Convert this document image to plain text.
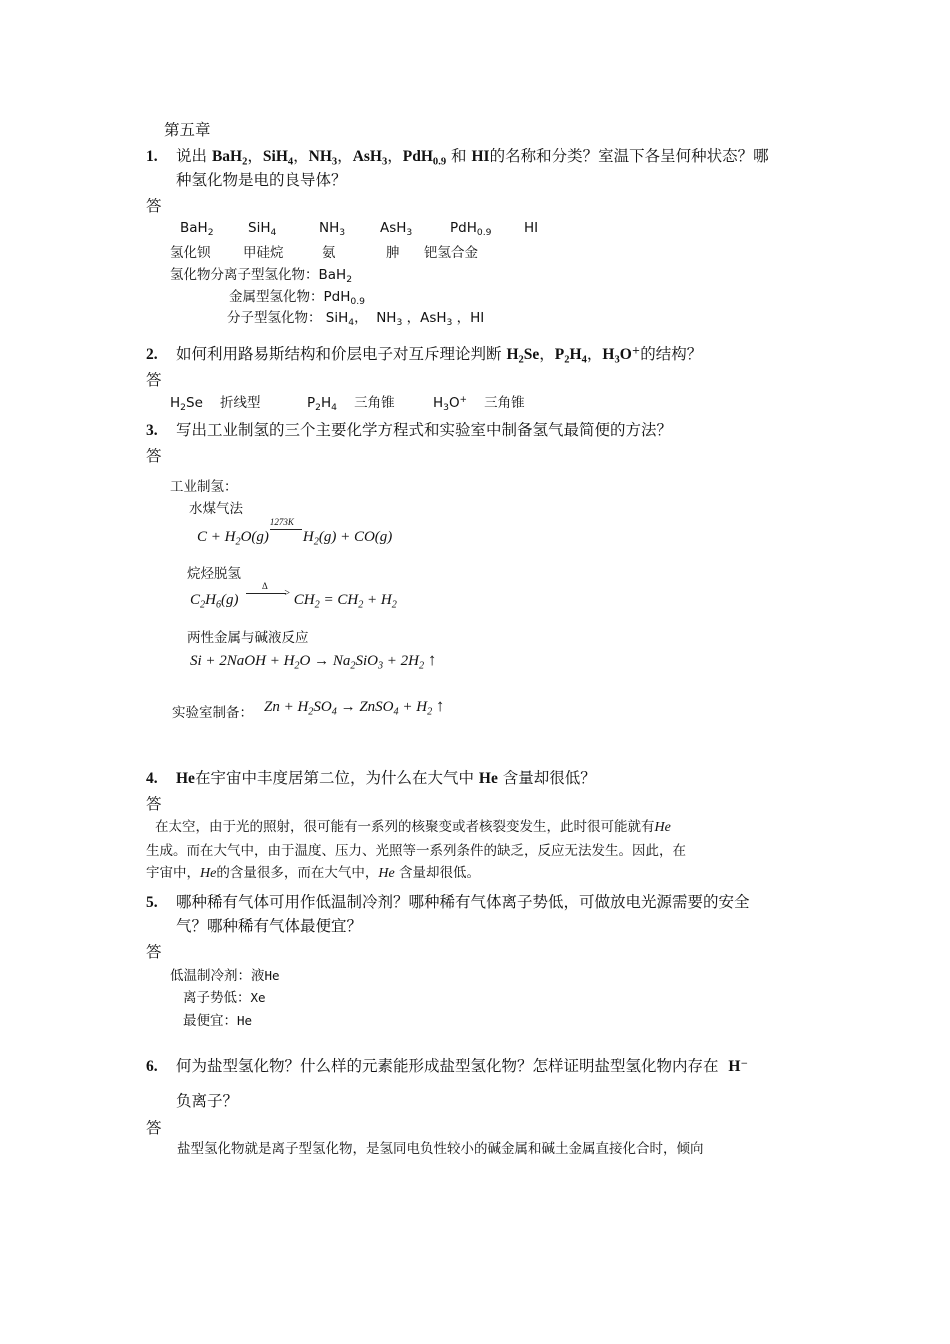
第五章
1. 说出 BaH$_2$，SiH$_4$，$NH_3$，AsH$_3$，PdH$_{0.9}$ 和 HI的名称和分类？室温下各呈何种状态？哪
种氢化物是电的良导体？
答
BaH$_2$	SiH$_4$	$NH_3$	AsH$_3$	PdH$_{0.9}$ HI
氢化钡 甲硅烷	氨	胂 钯氢合金
氢化物分离子型氢化物：BaH$_2$
金属型氢化物：PdH$_{0.9}$
分子型氢化物： SiH$_4$，  $NH_3$ ，AsH$_3$ ，HI
2. 如何利用路易斯结构和价层电子对互斥理论判断 $H_2Se$，$P_2H_4$，$H_3O^+$的结构？
答
$H_2Se$    折线型	$P_2H_4$ 三角锥	$H_3O^+$ 三角锥
3. 写出工业制氢的三个主要化学方程式和实验室中制备氢气最简便的方法？
答
工业制氢：
水煤气法
$C + H_2O(g)$
1273K
$H_2(g) + CO(g)$
烷烃脱氢
$C_2H_6(g)$
Δ
> $CH_2 = CH_2 + H_2$
两性金属与碱液反应
Si + 2NaOH + $H_2O \to Na_2SiO_3 + 2H_2$ ↑
实验室制备： $Zn + H_2SO_4$ → ZnSO$_4$ + $H_2$ ↑
4. He在宇宙中丰度居第二位，为什么在大气中 He 含量却很低？
答
在太空，由于光的照射，很可能有一系列的核聚变或者核裂变发生，此时很可能就有He
生成。而在大气中，由于温度、压力、光照等一系列条件的缺乏，反应无法发生。因此，在
宇宙中，He的含量很多，而在大气中，He 含量却很低。
5. 哪种稀有气体可用作低温制冷剂？哪种稀有气体离子势低，可做放电光源需要的安全
气？哪种稀有气体最便宜？
答
低温制冷剂：液He
离子势低：Xe
最便宜：He
6. 何为盐型氢化物？什么样的元素能形成盐型氢化物？怎样证明盐型氢化物内存在 H−
负离子？
答
盐型氢化物就是离子型氢化物，是氢同电负性较小的碱金属和碱土金属直接化合时，倾向
